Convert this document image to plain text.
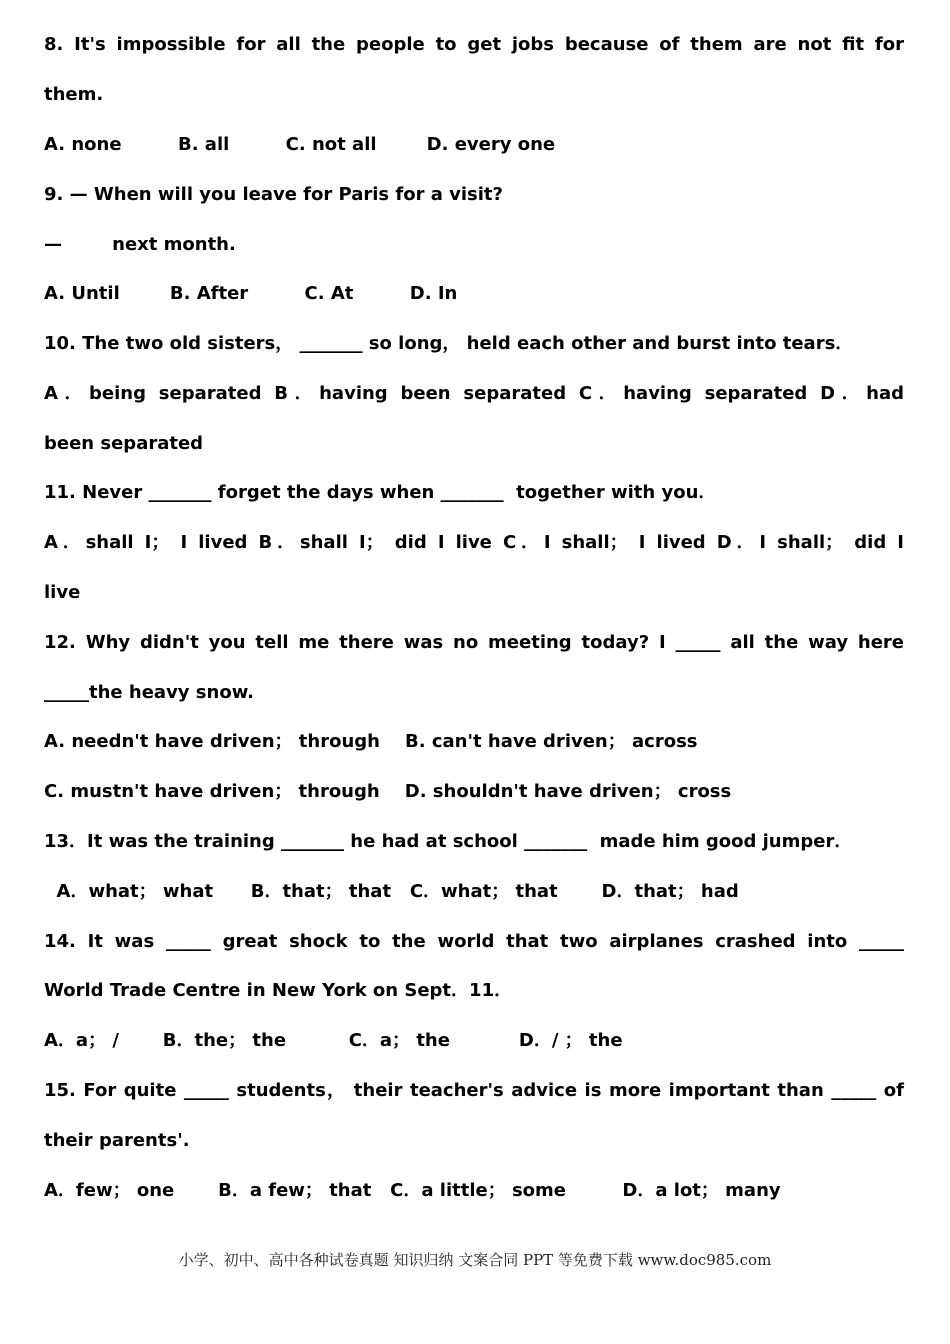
8. It's impossible for all the people to get jobs because of them are not fit for
them.
A. none         B. all         C. not all        D. every one
9. — When will you leave for Paris for a visit?
—        next month.
A. Until        B. After         C. At         D. In
10. The two old sisters， _______ so long， held each other and burst into tears．
A．being separated B．having been separated C．having separated D．had
been separated
11. Never _______ forget the days when _______  together with you．
A．shall I； I lived B．shall I； did I live C．I shall； I lived D．I shall； did I
live
12. Why didn't you tell me there was no meeting today? I _____ all the way here
_____the heavy snow.
A. needn't have driven； through    B. can't have driven； across
C. mustn't have driven； through    D. shouldn't have driven； cross
13．It was the training _______ he had at school _______  made him good jumper．
A．what； what      B．that； that   C．what； that       D．that； had
14. It was _____ great shock to the world that two airplanes crashed into _____
World Trade Centre in New York on Sept．11．
A．a； /       B．the； the          C．a； the           D．/ ； the
15. For quite _____ students， their teacher's advice is more important than _____ of
their parents'.
A．few； one       B．a few； that   C．a little； some         D．a lot； many
小学、初中、高中各种试卷真题 知识归纳 文案合同 PPT 等免费下载 www.doc985.com
